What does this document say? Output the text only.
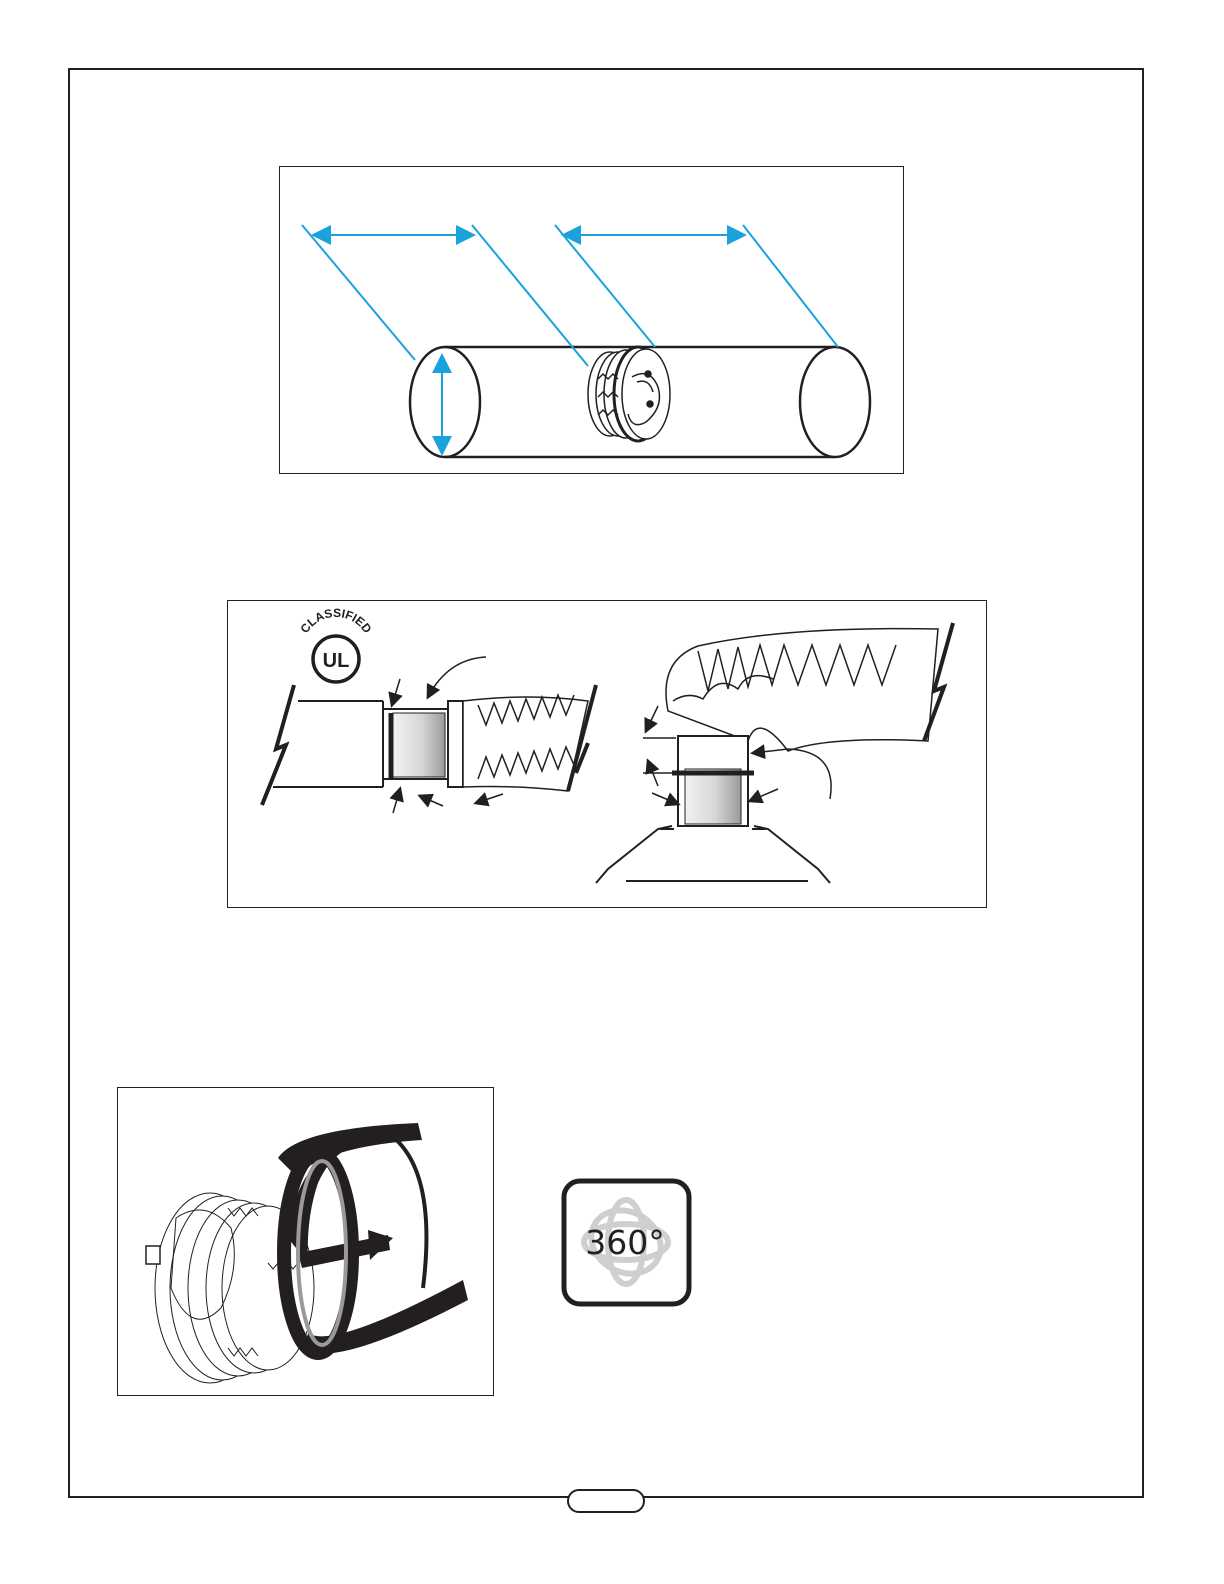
CLASSIFIED
UL
360°
